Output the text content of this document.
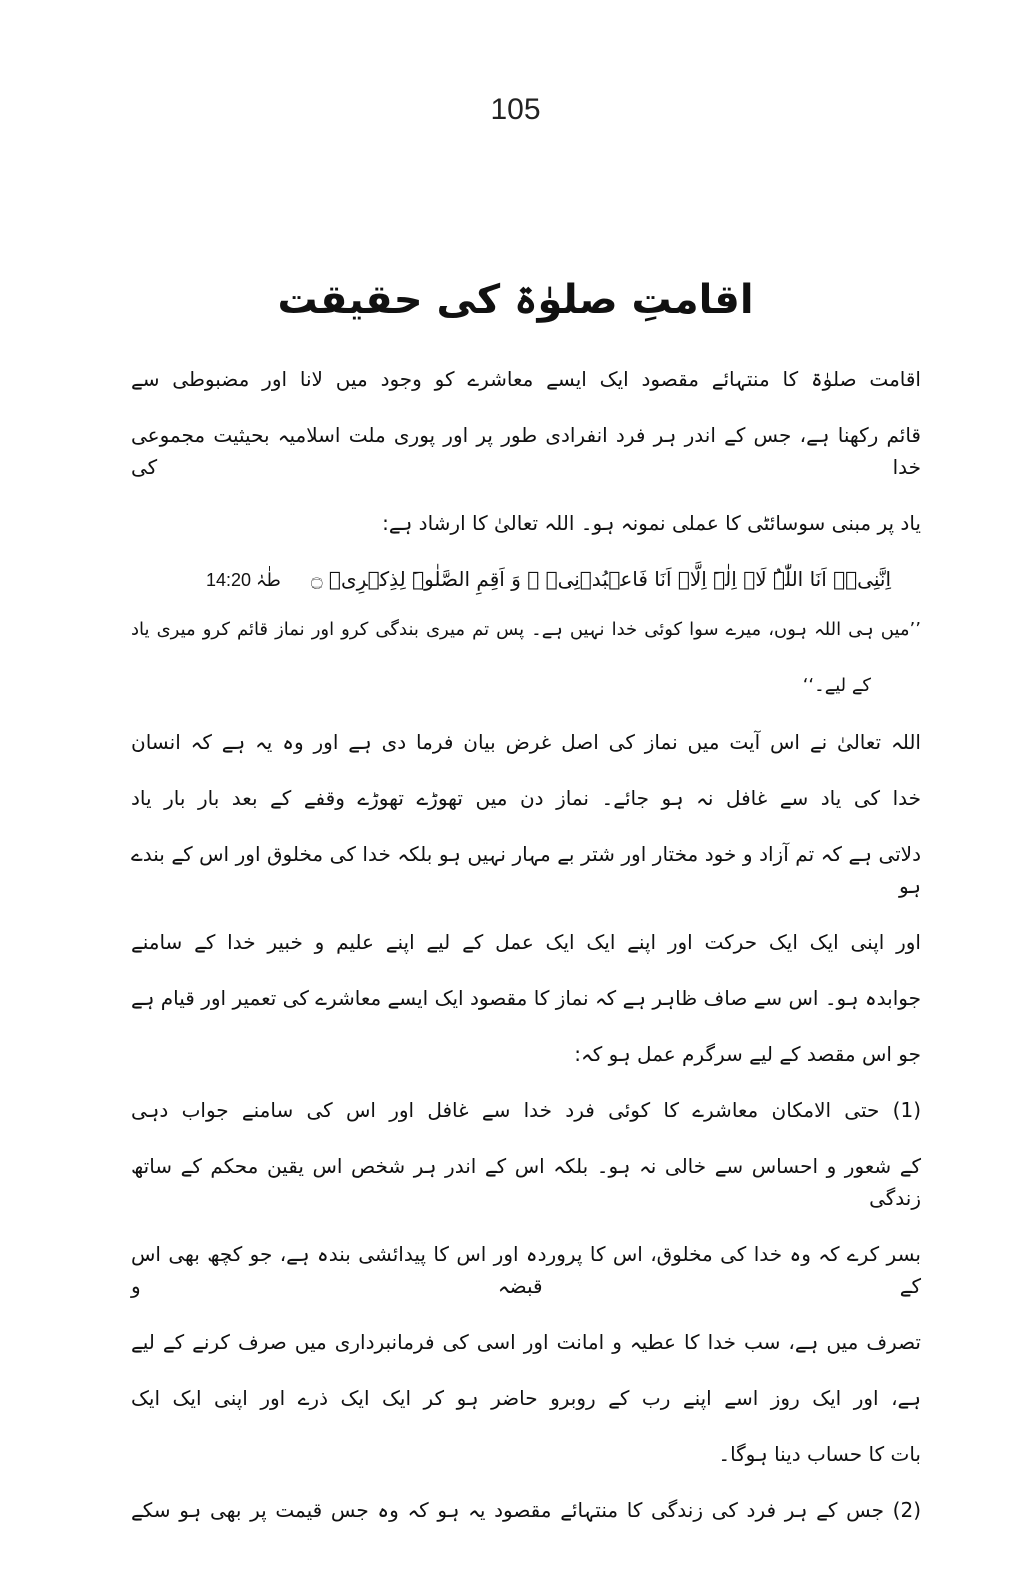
105
اقامتِ صلوٰۃ کی حقیقت
اقامت صلوٰۃ کا منتہائے مقصود ایک ایسے معاشرے کو وجود میں لانا اور مضبوطی سے
قائم رکھنا ہے، جس کے اندر ہر فرد انفرادی طور پر اور پوری ملت اسلامیہ بحیثیت مجموعی خدا کی
یاد پر مبنی سوسائٹی کا عملی نمونہ ہو۔ اللہ تعالیٰ کا ارشاد ہے:
اِنَّنِیۡۤ اَنَا اللّٰہُ لَاۤ اِلٰہَ اِلَّاۤ اَنَا فَاعۡبُدۡنِیۡ ۙ وَ اَقِمِ الصَّلٰوۃَ لِذِکۡرِیۡ ۝
طٰہٰ 14:20
’’میں ہی اللہ ہوں، میرے سوا کوئی خدا نہیں ہے۔ پس تم میری بندگی کرو اور نماز قائم کرو میری یاد
کے لیے۔‘‘
اللہ تعالیٰ نے اس آیت میں نماز کی اصل غرض بیان فرما دی ہے اور وہ یہ ہے کہ انسان
خدا کی یاد سے غافل نہ ہو جائے۔ نماز دن میں تھوڑے تھوڑے وقفے کے بعد بار بار یاد
دلاتی ہے کہ تم آزاد و خود مختار اور شتر بے مہار نہیں ہو بلکہ خدا کی مخلوق اور اس کے بندے ہو
اور اپنی ایک ایک حرکت اور اپنے ایک ایک عمل کے لیے اپنے علیم و خبیر خدا کے سامنے
جوابدہ ہو۔ اس سے صاف ظاہر ہے کہ نماز کا مقصود ایک ایسے معاشرے کی تعمیر اور قیام ہے
جو اس مقصد کے لیے سرگرم عمل ہو کہ:
(1) حتی الامکان معاشرے کا کوئی فرد خدا سے غافل اور اس کی سامنے جواب دہی
کے شعور و احساس سے خالی نہ ہو۔ بلکہ اس کے اندر ہر شخص اس یقین محکم کے ساتھ زندگی
بسر کرے کہ وہ خدا کی مخلوق، اس کا پروردہ اور اس کا پیدائشی بندہ ہے، جو کچھ بھی اس کے قبضہ و
تصرف میں ہے، سب خدا کا عطیہ و امانت اور اسی کی فرمانبرداری میں صرف کرنے کے لیے
ہے، اور ایک روز اسے اپنے رب کے روبرو حاضر ہو کر ایک ایک ذرے اور اپنی ایک ایک
بات کا حساب دینا ہوگا۔
(2) جس کے ہر فرد کی زندگی کا منتہائے مقصود یہ ہو کہ وہ جس قیمت پر بھی ہو سکے
